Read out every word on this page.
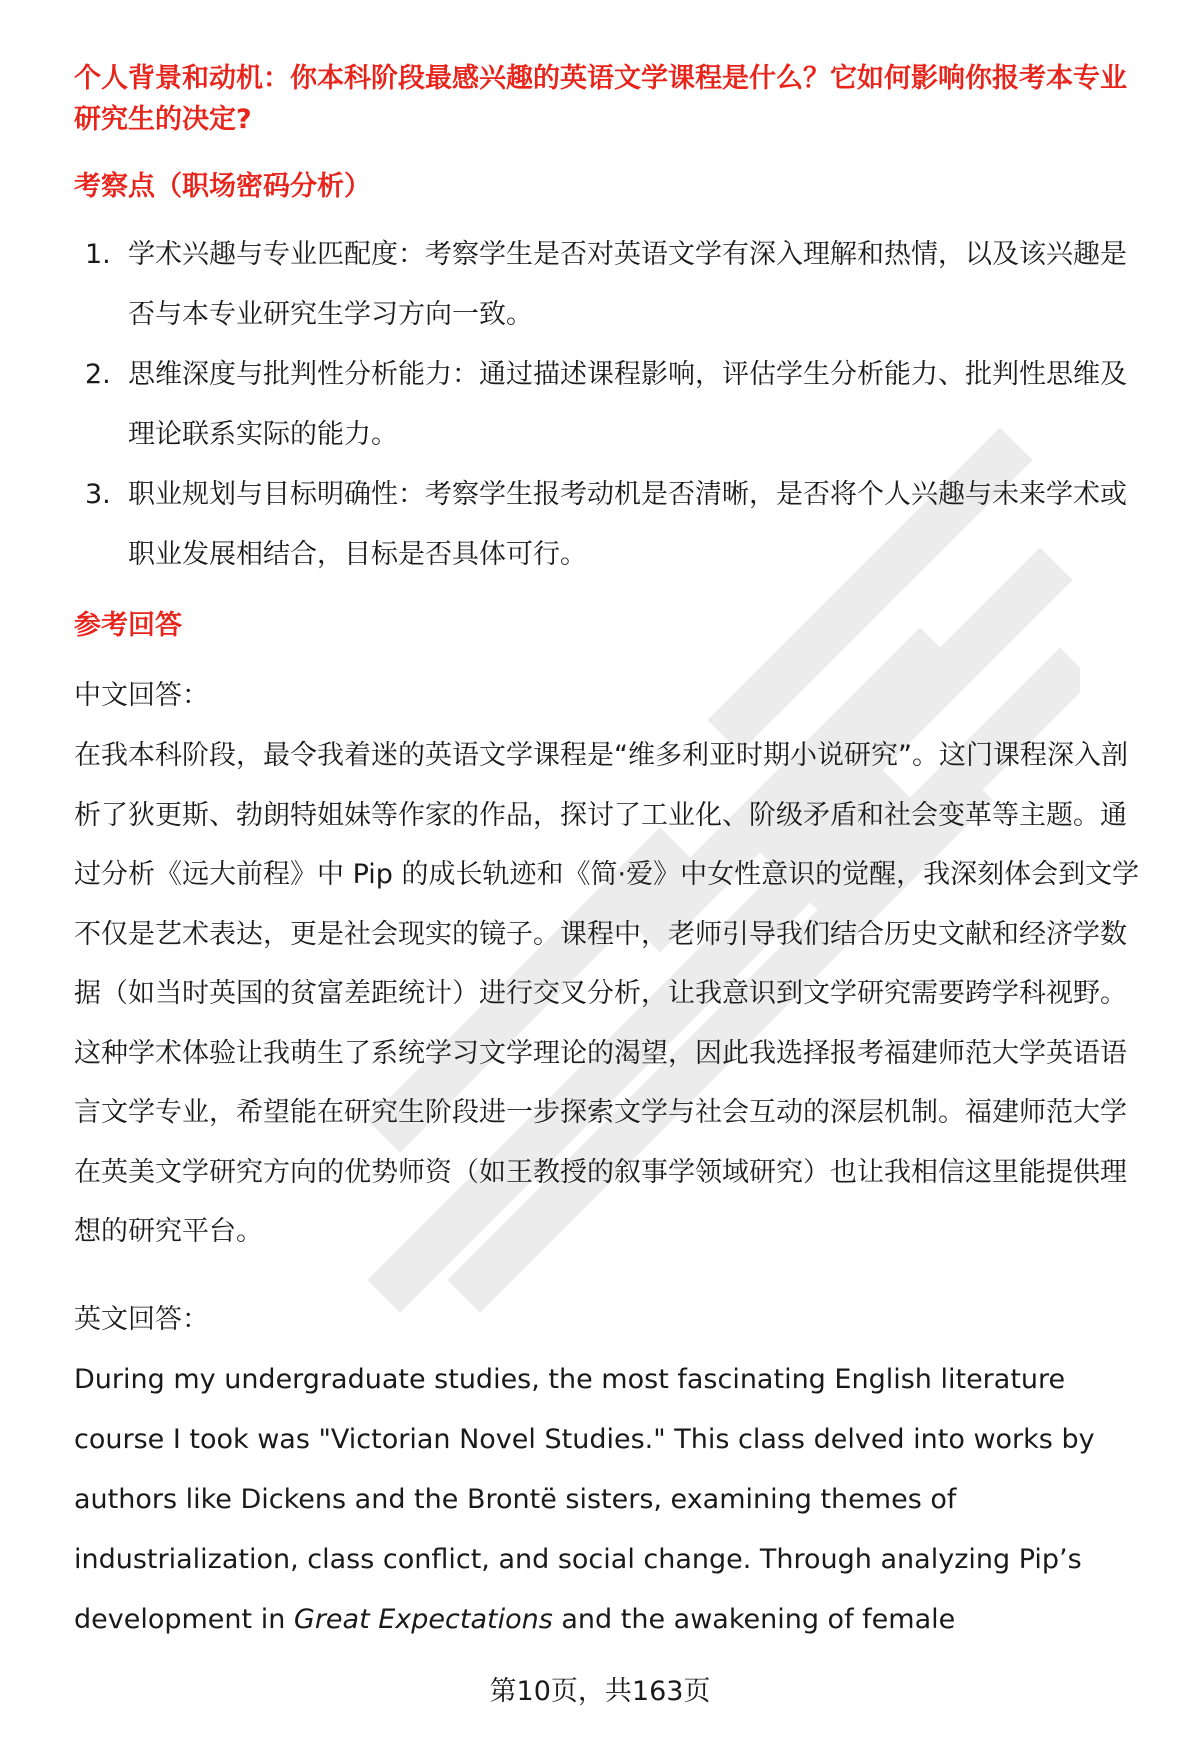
个人背景和动机：你本科阶段最感兴趣的英语文学课程是什么？它如何影响你报考本专业研究生的决定?

考察点（职场密码分析）

1. 学术兴趣与专业匹配度：考察学生是否对英语文学有深入理解和热情，以及该兴趣是否与本专业研究生学习方向一致。
2. 思维深度与批判性分析能力：通过描述课程影响，评估学生分析能力、批判性思维及理论联系实际的能力。
3. 职业规划与目标明确性：考察学生报考动机是否清晰，是否将个人兴趣与未来学术或职业发展相结合，目标是否具体可行。

参考回答

中文回答：

在我本科阶段，最令我着迷的英语文学课程是“维多利亚时期小说研究”。这门课程深入剖析了狄更斯、勃朗特姐妹等作家的作品，探讨了工业化、阶级矛盾和社会变革等主题。通过分析《远大前程》中 Pip 的成长轨迹和《简·爱》中女性意识的觉醒，我深刻体会到文学不仅是艺术表达，更是社会现实的镜子。课程中，老师引导我们结合历史文献和经济学数据（如当时英国的贫富差距统计）进行交叉分析，让我意识到文学研究需要跨学科视野。这种学术体验让我萌生了系统学习文学理论的渴望，因此我选择报考福建师范大学英语语言文学专业，希望能在研究生阶段进一步探索文学与社会互动的深层机制。福建师范大学在英美文学研究方向的优势师资（如王教授的叙事学领域研究）也让我相信这里能提供理想的研究平台。

英文回答：

During my undergraduate studies, the most fascinating English literature course I took was "Victorian Novel Studies." This class delved into works by authors like Dickens and the Brontë sisters, examining themes of industrialization, class conflict, and social change. Through analyzing Pip’s development in Great Expectations and the awakening of female

第10页，共163页
